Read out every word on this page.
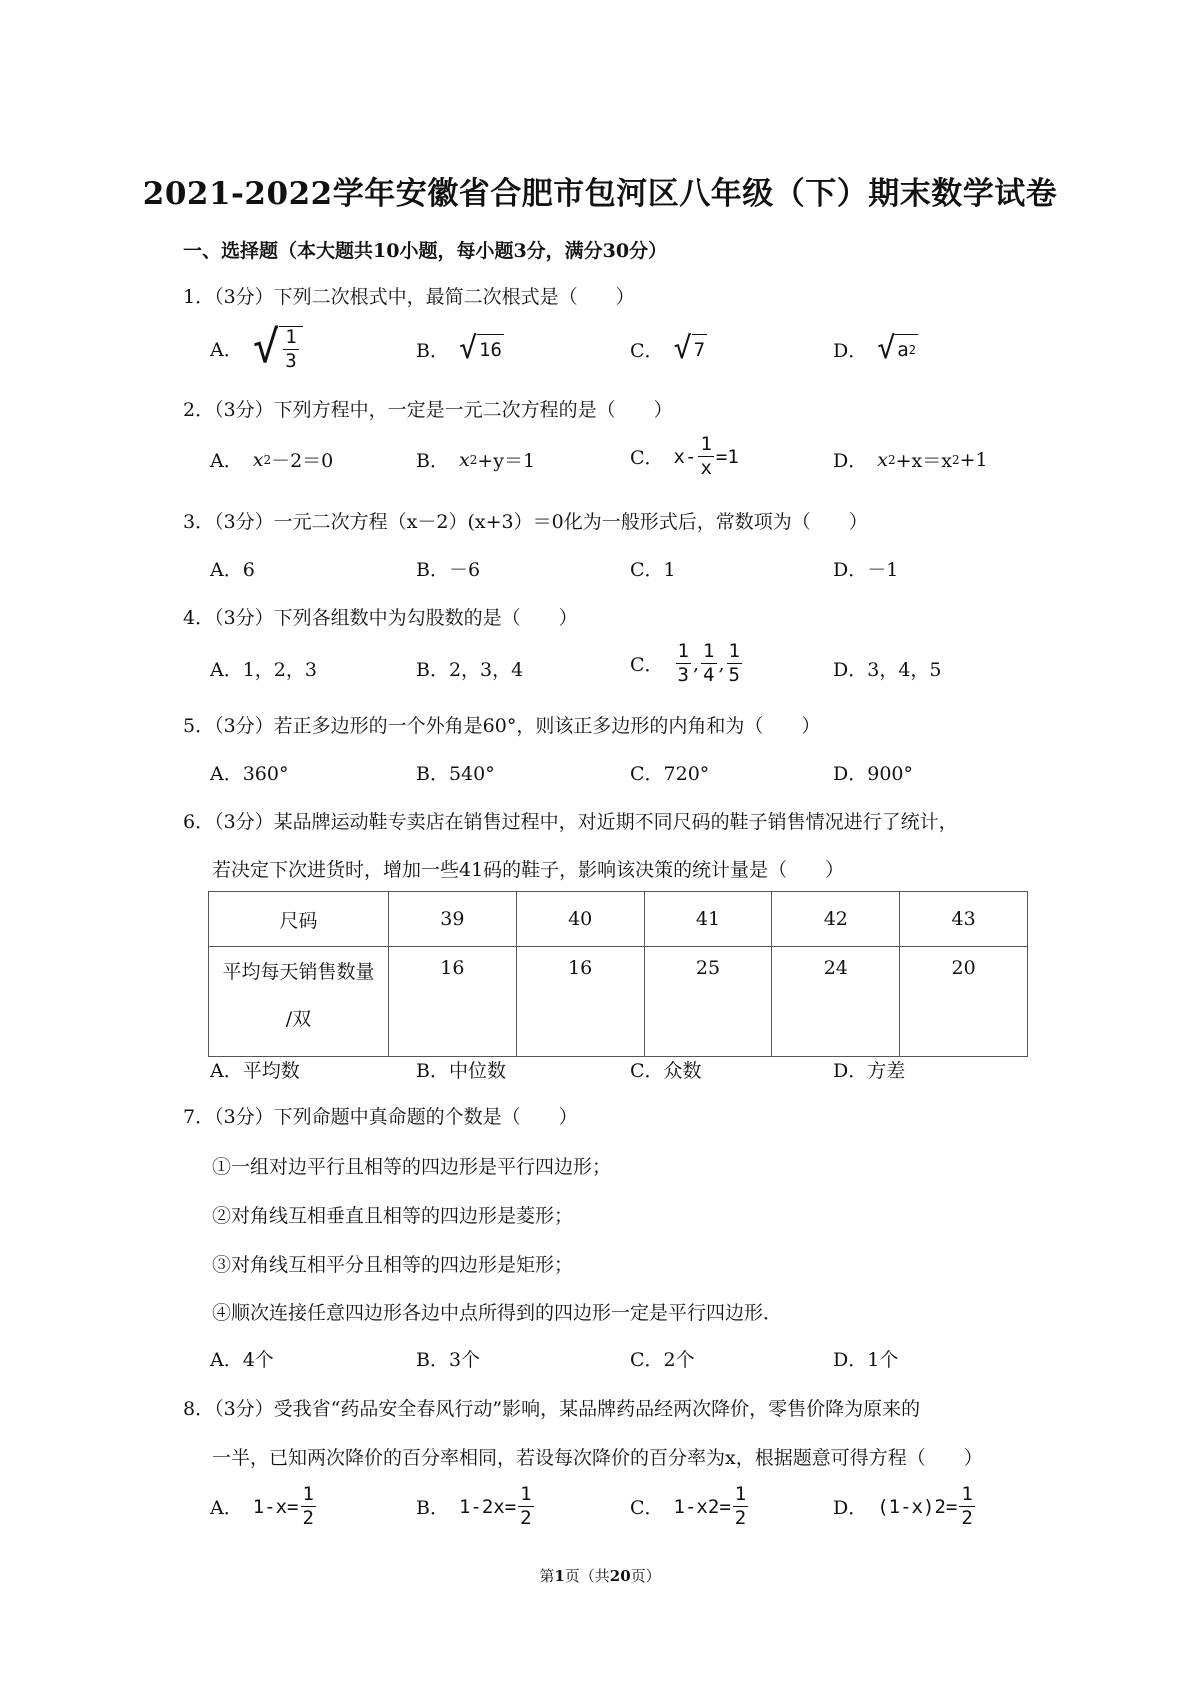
2021-2022学年安徽省合肥市包河区八年级（下）期末数学试卷
一、选择题（本大题共10小题，每小题3分，满分30分）
1．（3分）下列二次根式中，最简二次根式是（　　）
A． √ $\frac{1}{3}$	B． √ 16	C． √ 7	D． √ a 2
2．（3分）下列方程中，一定是一元二次方程的是（　　）
A． x 2 －2＝0	B． x 2 +y＝1	C． $x- \frac{1}{x} =1$	D． x 2 +x＝x 2 +1
3．（3分）一元二次方程（x－2）(x+3）＝0化为一般形式后，常数项为（　　）
A．6	B．－6	C．1	D．－1
4．（3分）下列各组数中为勾股数的是（　　）
A．1，2，3	B．2，3，4	C． $\frac{1}{3}$ , $\frac{1}{4}$ , $\frac{1}{5}$	D．3，4，5
5．（3分）若正多边形的一个外角是60°，则该正多边形的内角和为（　　）
A．360°	B．540°	C．720°	D．900°
6．（3分）某品牌运动鞋专卖店在销售过程中，对近期不同尺码的鞋子销售情况进行了统计，
若决定下次进货时，增加一些41码的鞋子，影响该决策的统计量是（　　）
尺码	39	40	41	42	43

平均每天销售数量
/双	16	16	25	24	20
A．平均数	B．中位数	C．众数	D．方差
7．（3分）下列命题中真命题的个数是（　　）
①一组对边平行且相等的四边形是平行四边形；
②对角线互相垂直且相等的四边形是菱形；
③对角线互相平分且相等的四边形是矩形；
④顺次连接任意四边形各边中点所得到的四边形一定是平行四边形．
A．4个	B．3个	C．2个	D．1个
8．（3分）受我省“药品安全春风行动”影响，某品牌药品经两次降价，零售价降为原来的
一半，已知两次降价的百分率相同，若设每次降价的百分率为x，根据题意可得方程（　　）
A． $1-x= \frac{1}{2}$	B． $1-2x= \frac{1}{2}$	C． 1-x $2 = \frac{1}{2}$	D． (1-x) $2 = \frac{1}{2}$
第1页（共20页）
